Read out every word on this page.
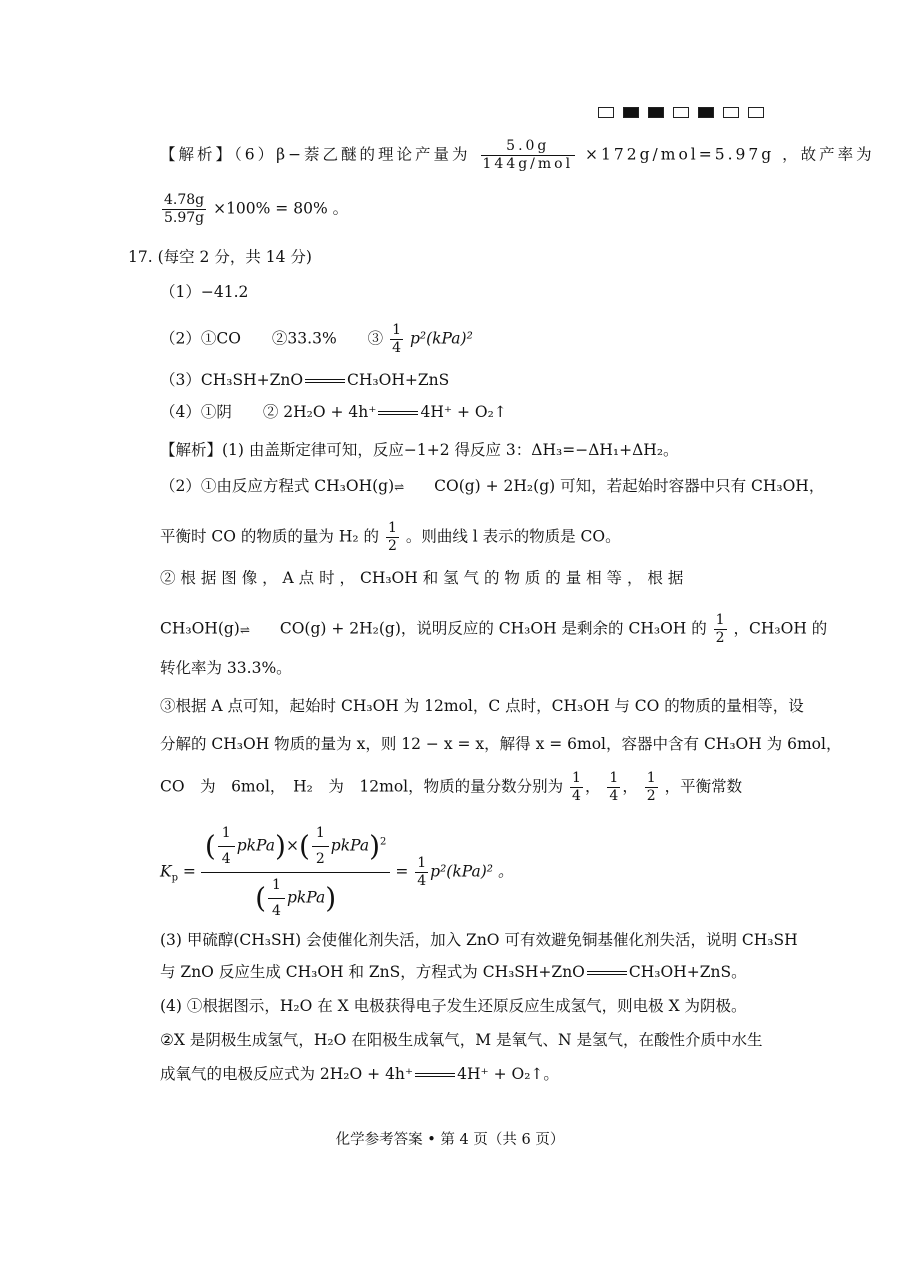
【解析】（6）β−萘乙醚的理论产量为 $\frac{5.0g}{\text{144g/mol}} \times 172g/mol=5.97g$ ，故产率为
$\frac{4.78g}{5.97g} \times 100\% = 80\%$ 。
17. (每空 2 分，共 14 分)
（1）−41.2
（2）①CO　　②33.3%　　③ $\frac{1}{4} p^2(kPa)^2$
（3）CH₃SH+ZnO	CH₃OH+ZnS
（4）①阴　　② 2H₂O + 4h⁺	4H⁺ + O₂↑
【解析】(1) 由盖斯定律可知，反应−1+2 得反应 3：ΔH₃=−ΔH₁+ΔH₂。
（2）①由反应方程式 CH₃OH(g)⇌ CO(g) + 2H₂(g) 可知，若起始时容器中只有 CH₃OH，
平衡时 CO 的物质的量为 H₂ 的 $\frac{1}{2}$ 。则曲线 l 表示的物质是 CO。
② 根 据 图 像 ， A 点 时 ， CH₃OH 和 氢 气 的 物 质 的 量 相 等 ， 根 据
CH₃OH(g)⇌ CO(g) + 2H₂(g)，说明反应的 CH₃OH 是剩余的 CH₃OH 的 $\frac{1}{2}$ ，CH₃OH 的
转化率为 33.3%。
③根据 A 点可知，起始时 CH₃OH 为 12mol，C 点时，CH₃OH 与 CO 的物质的量相等，设
分解的 CH₃OH 物质的量为 x，则 12 − x = x，解得 x = 6mol，容器中含有 CH₃OH 为 6mol，
CO　为　6mol，　H₂　为　12mol，物质的量分数分别为 $\frac{1}{4}$ ， $\frac{1}{4}$ ， $\frac{1}{2}$ ，平衡常数
$K_p = \frac{( \frac{1}{4} pkPa)\times( \frac{1}{2} pkPa)^2}{( \frac{1}{4} pkPa)} = \frac{1}{4} p^2(kPa)^2$ 。
(3) 甲硫醇(CH₃SH) 会使催化剂失活，加入 ZnO 可有效避免铜基催化剂失活，说明 CH₃SH
与 ZnO 反应生成 CH₃OH 和 ZnS，方程式为 CH₃SH+ZnO	CH₃OH+ZnS。
(4) ①根据图示，H₂O 在 X 电极获得电子发生还原反应生成氢气，则电极 X 为阴极。
②X 是阴极生成氢气，H₂O 在阳极生成氧气，M 是氧气、N 是氢气，在酸性介质中水生
成氧气的电极反应式为 2H₂O + 4h⁺	4H⁺ + O₂↑。
化学参考答案 • 第 4 页（共 6 页）
